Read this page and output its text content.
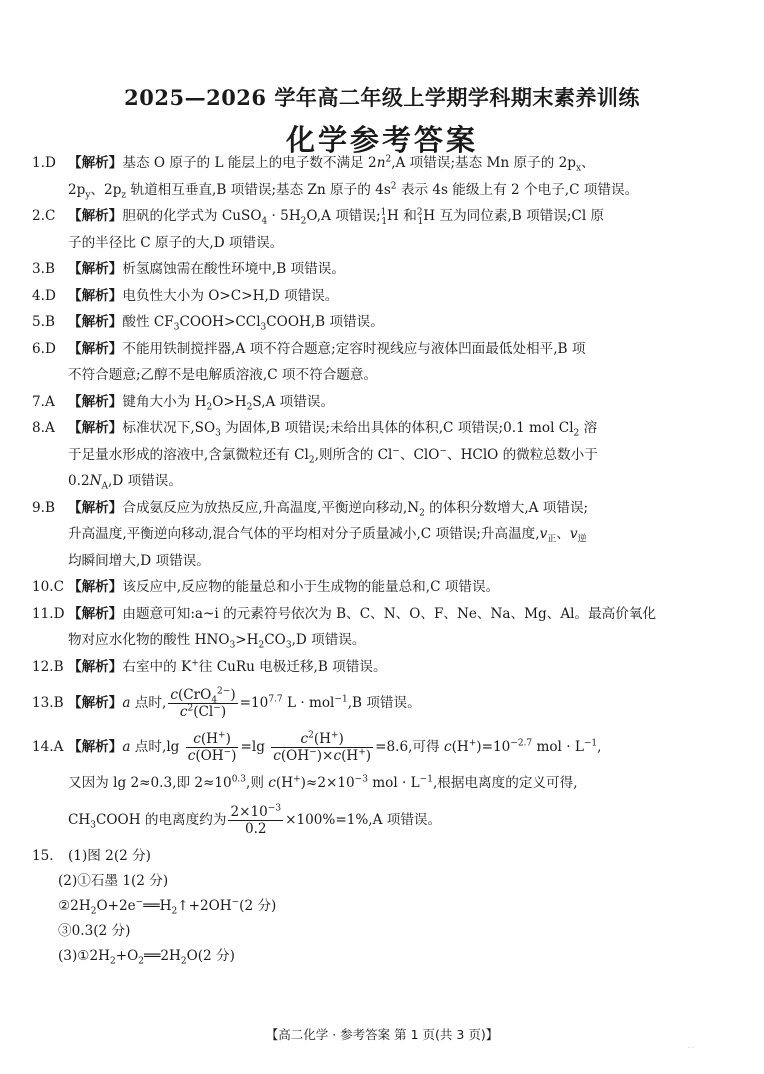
2025—2026 学年高二年级上学期学科期末素养训练
化学参考答案
1.D 【解析】基态 O 原子的 L 能层上的电子数不满足 $2n^2,A$ 项错误;基态 Mn 原子的 $2p_x$、
$2p_y$、$2p_z$ 轨道相互垂直,B 项错误;基态 Zn 原子的 $4s^2$ 表示 4s 能级上有 2 个电子,C 项错误。
2.C 【解析】胆矾的化学式为 CuSO$_4$ · $5H_2O,A$ 项错误;$^1_1$H 和$^2_1$H 互为同位素,B 项错误;Cl 原
子的半径比 C 原子的大,D 项错误。
3.B 【解析】析氢腐蚀需在酸性环境中,B 项错误。
4.D 【解析】电负性大小为 O>C>H,D 项错误。
5.B 【解析】酸性 $CF_3COOH>CCl_3COOH,B$ 项错误。
6.D 【解析】不能用铁制搅拌器,A 项不符合题意;定容时视线应与液体凹面最低处相平,B 项
不符合题意;乙醇不是电解质溶液,C 项不符合题意。
7.A 【解析】键角大小为 $H_2O>H_2S,A$ 项错误。
8.A 【解析】标准状况下$,SO_3$ 为固体,B 项错误;未给出具体的体积,C 项错误;0.1 mol $Cl_2$ 溶
于足量水形成的溶液中,含氯微粒还有 $Cl_2$,则所含的 Cl−、ClO−、HClO 的微粒总数小于
$0.2N_A,D$ 项错误。
9.B 【解析】合成氨反应为放热反应,升高温度,平衡逆向移动$,N_2$ 的体积分数增大,A 项错误;
升高温度,平衡逆向移动,混合气体的平均相对分子质量减小,C 项错误;升高温度$,v_正$、$v_逆$
均瞬间增大,D 项错误。
10.C 【解析】该反应中,反应物的能量总和小于生成物的能量总和,C 项错误。
11.D 【解析】由题意可知:a~i 的元素符号依次为 B、C、N、O、F、Ne、Na、Mg、Al。最高价氧化
物对应水化物的酸性 $HNO_3>H_2CO_3,D$ 项错误。
12.B 【解析】右室中的 K+往 CuRu 电极迁移,B 项错误。
13.B 【解析】a 点时, $\frac{c(CrO_4^{2-})}{c^2(Cl^-)} =10^{7.7}$ L · mol$^{-1}$,B 项错误。
14.A 【解析】a 点时$,\lg \frac{c(H^+)}{c(OH^-)} =\lg \frac{c^2(H^+)}{c(OH^-)\times c(H^+)} =8.6$,可得 $c(H^+)=10^{-2.7}$ mol · $L^{-1}$,
又因为 lg 2≈0.3,即 $2\approx 10^{0.3}$,则 $c(H^+)\approx 2\times 10^{-3}$ mol · $L^{-1}$,根据电离度的定义可得,
$CH_3COOH$ 的电离度约为 $\frac{2\times 10^{-3}}{0.2} \times 100\%=1\%,A$ 项错误。
15. (1)图 2(2 分)
(2)①石墨 1(2 分)
$②2H_2O+2e^-══H_2↑+2OH^-(2$ 分)
③0.3(2 分)
$(3)①2H_2+O_2══2H_2O(2$ 分)
【高二化学 · 参考答案 第 1 页(共 3 页)】
· ·
